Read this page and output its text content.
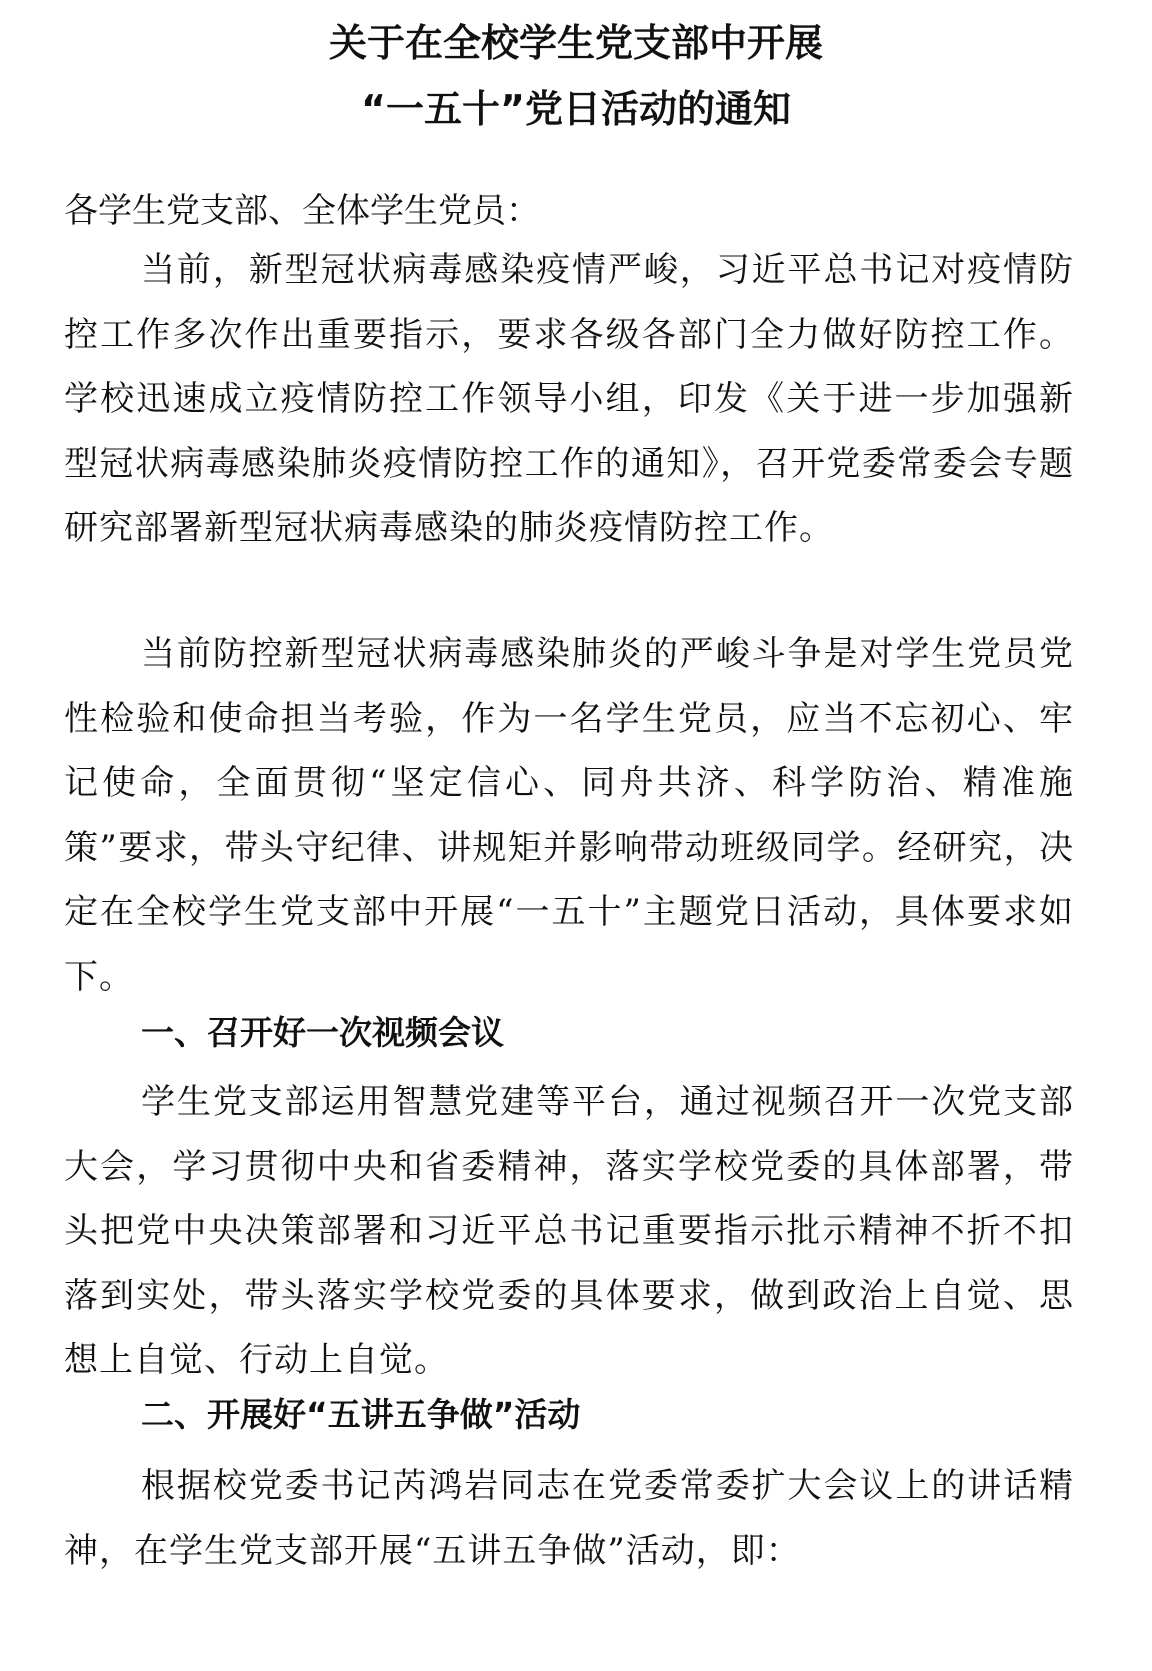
关于在全校学生党支部中开展
“一五十”党日活动的通知
各学生党支部、全体学生党员：

当前，新型冠状病毒感染疫情严峻，习近平总书记对疫情防控工作多次作出重要指示，要求各级各部门全力做好防控工作。学校迅速成立疫情防控工作领导小组，印发《关于进一步加强新型冠状病毒感染肺炎疫情防控工作的通知》，召开党委常委会专题研究部署新型冠状病毒感染的肺炎疫情防控工作。

当前防控新型冠状病毒感染肺炎的严峻斗争是对学生党员党性检验和使命担当考验，作为一名学生党员，应当不忘初心、牢记使命，全面贯彻“坚定信心、同舟共济、科学防治、精准施策”要求，带头守纪律、讲规矩并影响带动班级同学。经研究，决定在全校学生党支部中开展“一五十”主题党日活动，具体要求如下。

一、召开好一次视频会议

学生党支部运用智慧党建等平台，通过视频召开一次党支部大会，学习贯彻中央和省委精神，落实学校党委的具体部署，带头把党中央决策部署和习近平总书记重要指示批示精神不折不扣落到实处，带头落实学校党委的具体要求，做到政治上自觉、思想上自觉、行动上自觉。

二、开展好“五讲五争做”活动

根据校党委书记芮鸿岩同志在党委常委扩大会议上的讲话精神，在学生党支部开展“五讲五争做”活动，即：
